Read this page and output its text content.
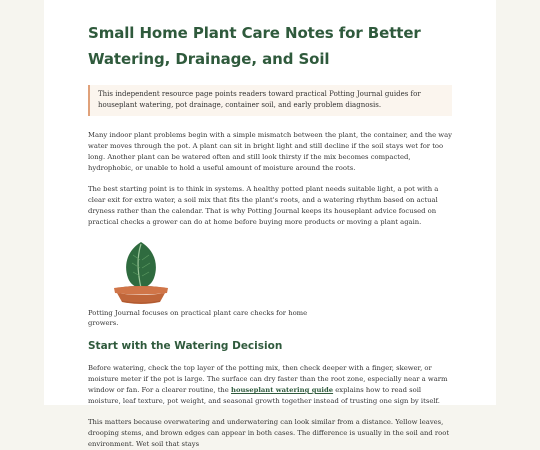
Small Home Plant Care Notes for Better Watering, Drainage, and Soil
This independent resource page points readers toward practical Potting Journal guides for houseplant watering, pot drainage, container soil, and early problem diagnosis.

Many indoor plant problems begin with a simple mismatch between the plant, the container, and the way water moves through the pot. A plant can sit in bright light and still decline if the soil stays wet for too long. Another plant can be watered often and still look thirsty if the mix becomes compacted, hydrophobic, or unable to hold a useful amount of moisture around the roots.

The best starting point is to think in systems. A healthy potted plant needs suitable light, a pot with a clear exit for extra water, a soil mix that fits the plant's roots, and a watering rhythm based on actual dryness rather than the calendar. That is why Potting Journal keeps its houseplant advice focused on practical checks a grower can do at home before buying more products or moving a plant again.

Potting Journal focuses on practical plant care checks for home growers.
Start with the Watering Decision

Before watering, check the top layer of the potting mix, then check deeper with a finger, skewer, or moisture meter if the pot is large. The surface can dry faster than the root zone, especially near a warm window or fan. For a clearer routine, the houseplant watering guide explains how to read soil moisture, leaf texture, pot weight, and seasonal growth together instead of trusting one sign by itself.

This matters because overwatering and underwatering can look similar from a distance. Yellow leaves, drooping stems, and brown edges can appear in both cases. The difference is usually in the soil and root environment. Wet soil that stays
